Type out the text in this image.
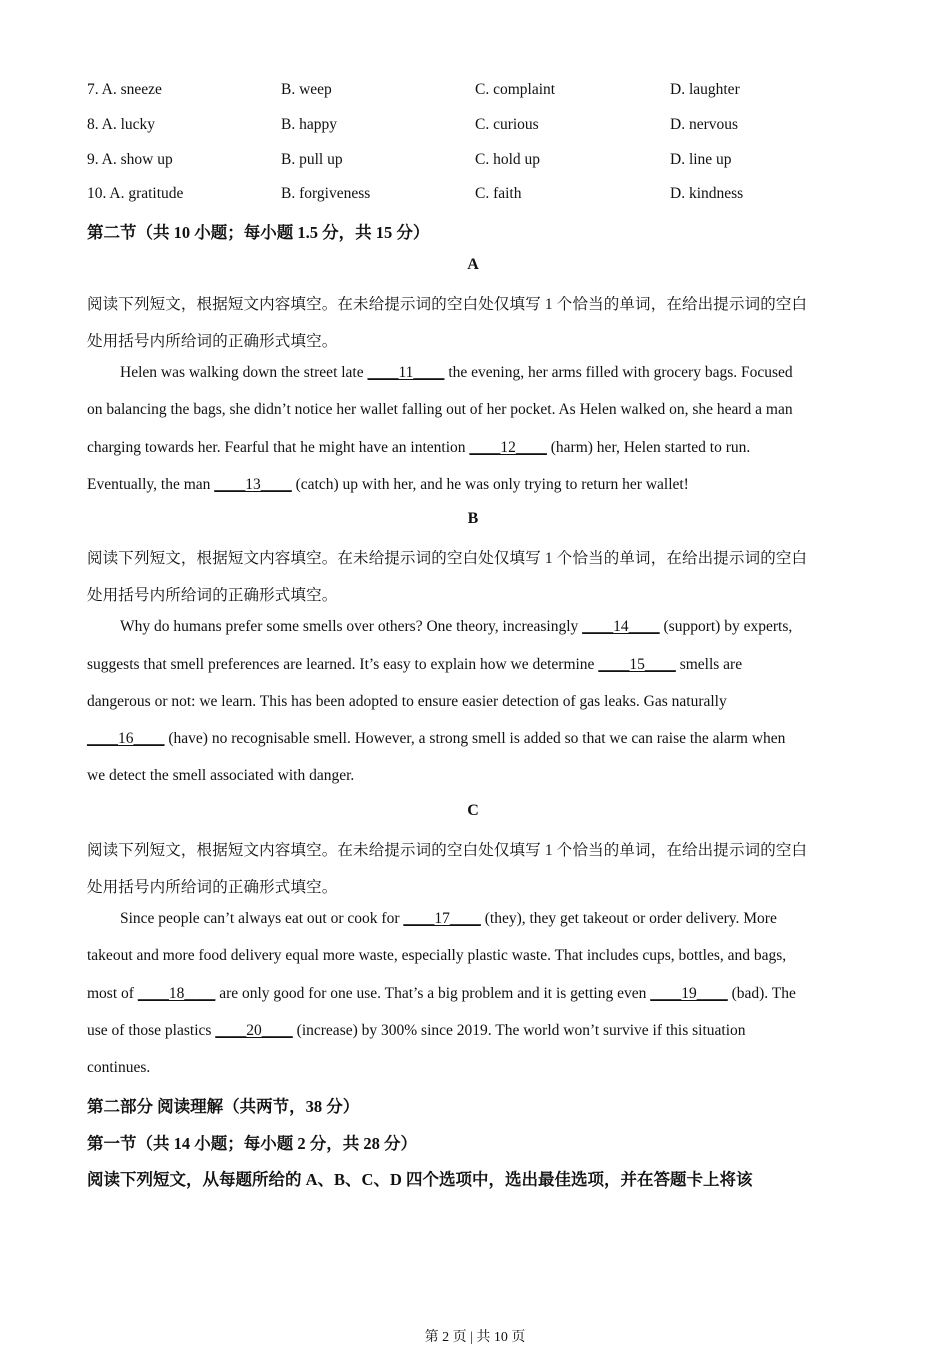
7. A. sneeze	B. weep	C. complaint	D. laughter
8. A. lucky	B. happy	C. curious	D. nervous
9. A. show up	B. pull up	C. hold up	D. line up
10. A. gratitude	B. forgiveness	C. faith	D. kindness
第二节（共 10 小题；每小题 1.5 分，共 15 分）
A
阅读下列短文，根据短文内容填空。在未给提示词的空白处仅填写 1 个恰当的单词，在给出提示词的空白
处用括号内所给词的正确形式填空。
Helen was walking down the street late ____11____ the evening, her arms filled with grocery bags. Focused
on balancing the bags, she didn’t notice her wallet falling out of her pocket. As Helen walked on, she heard a man
charging towards her. Fearful that he might have an intention ____12____ (harm) her, Helen started to run.
Eventually, the man ____13____ (catch) up with her, and he was only trying to return her wallet!
B
阅读下列短文，根据短文内容填空。在未给提示词的空白处仅填写 1 个恰当的单词，在给出提示词的空白
处用括号内所给词的正确形式填空。
Why do humans prefer some smells over others? One theory, increasingly ____14____ (support) by experts,
suggests that smell preferences are learned. It’s easy to explain how we determine ____15____ smells are
dangerous or not: we learn. This has been adopted to ensure easier detection of gas leaks. Gas naturally
____16____ (have) no recognisable smell. However, a strong smell is added so that we can raise the alarm when
we detect the smell associated with danger.
C
阅读下列短文，根据短文内容填空。在未给提示词的空白处仅填写 1 个恰当的单词，在给出提示词的空白
处用括号内所给词的正确形式填空。
Since people can’t always eat out or cook for ____17____ (they), they get takeout or order delivery. More
takeout and more food delivery equal more waste, especially plastic waste. That includes cups, bottles, and bags,
most of ____18____ are only good for one use. That’s a big problem and it is getting even ____19____ (bad). The
use of those plastics ____20____ (increase) by 300% since 2019. The world won’t survive if this situation
continues.
第二部分 阅读理解（共两节，38 分）
第一节（共 14 小题；每小题 2 分，共 28 分）
阅读下列短文，从每题所给的 A、B、C、D 四个选项中，选出最佳选项，并在答题卡上将该
第 2 页 | 共 10 页
